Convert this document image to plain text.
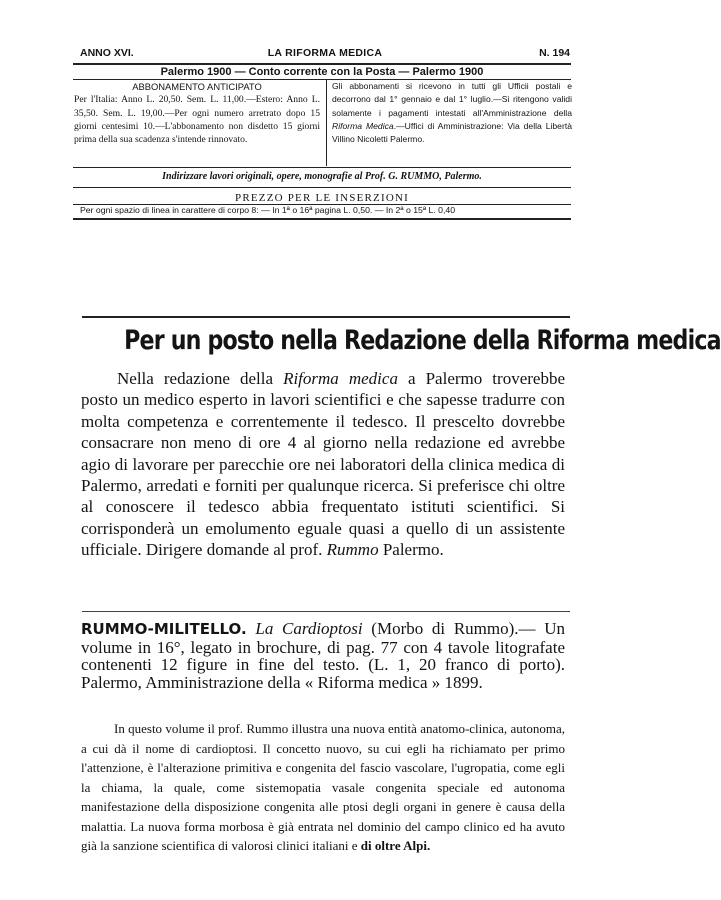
ANNO XVI.	LA RIFORMA MEDICA	N. 194
Palermo 1900 — Conto corrente con la Posta — Palermo 1900
ABBONAMENTO ANTICIPATO
Per l'Italia: Anno L. 20,50. Sem. L. 11,00.—Estero: Anno L. 35,50. Sem. L. 19,00.—Per ogni numero arretrato dopo 15 giorni centesimi 10.—L'abbonamento non disdetto 15 giorni prima della sua scadenza s'intende rinnovato.
Gli abbonamenti si ricevono in tutti gli Ufficii postali e decorrono dal 1° gennaio e dal 1° luglio.—Si ritengono validi solamente i pagamenti intestati all'Amministrazione della Riforma Medica.—Uffici di Amministrazione: Via della Libertà Villino Nicoletti Palermo.
Indirizzare lavori originali, opere, monografie al Prof. G. RUMMO, Palermo.
PREZZO PER LE INSERZIONI
Per ogni spazio di linea in carattere di corpo 8: — In 1ª o 16ª pagina L. 0,50. — In 2ª o 15ª L. 0,40
Per un posto nella Redazione della Riforma medica
Nella redazione della Riforma medica a Palermo troverebbe posto un medico esperto in lavori scientifici e che sapesse tradurre con molta competenza e correntemente il tedesco. Il prescelto dovrebbe consacrare non meno di ore 4 al giorno nella redazione ed avrebbe agio di lavorare per parecchie ore nei laboratori della clinica medica di Palermo, arredati e forniti per qualunque ricerca. Si preferisce chi oltre al conoscere il tedesco abbia frequentato istituti scientifici. Si corrisponderà un emolumento eguale quasi a quello di un assistente ufficiale. Dirigere domande al prof. Rummo Palermo.
RUMMO-MILITELLO. La Cardioptosi (Morbo di Rummo).— Un volume in 16°, legato in brochure, di pag. 77 con 4 tavole litografate contenenti 12 figure in fine del testo. (L. 1, 20 franco di porto). Palermo, Amministrazione della « Riforma medica » 1899.
In questo volume il prof. Rummo illustra una nuova entità anatomo-clinica, autonoma, a cui dà il nome di cardioptosi. Il concetto nuovo, su cui egli ha richiamato per primo l'attenzione, è l'alterazione primitiva e congenita del fascio vascolare, l'ugropatia, come egli la chiama, la quale, come sistemopatia vasale congenita speciale ed autonoma manifestazione della disposizione congenita alle ptosi degli organi in genere è causa della malattia. La nuova forma morbosa è già entrata nel dominio del campo clinico ed ha avuto già la sanzione scientifica di valorosi clinici italiani e di oltre Alpi.
